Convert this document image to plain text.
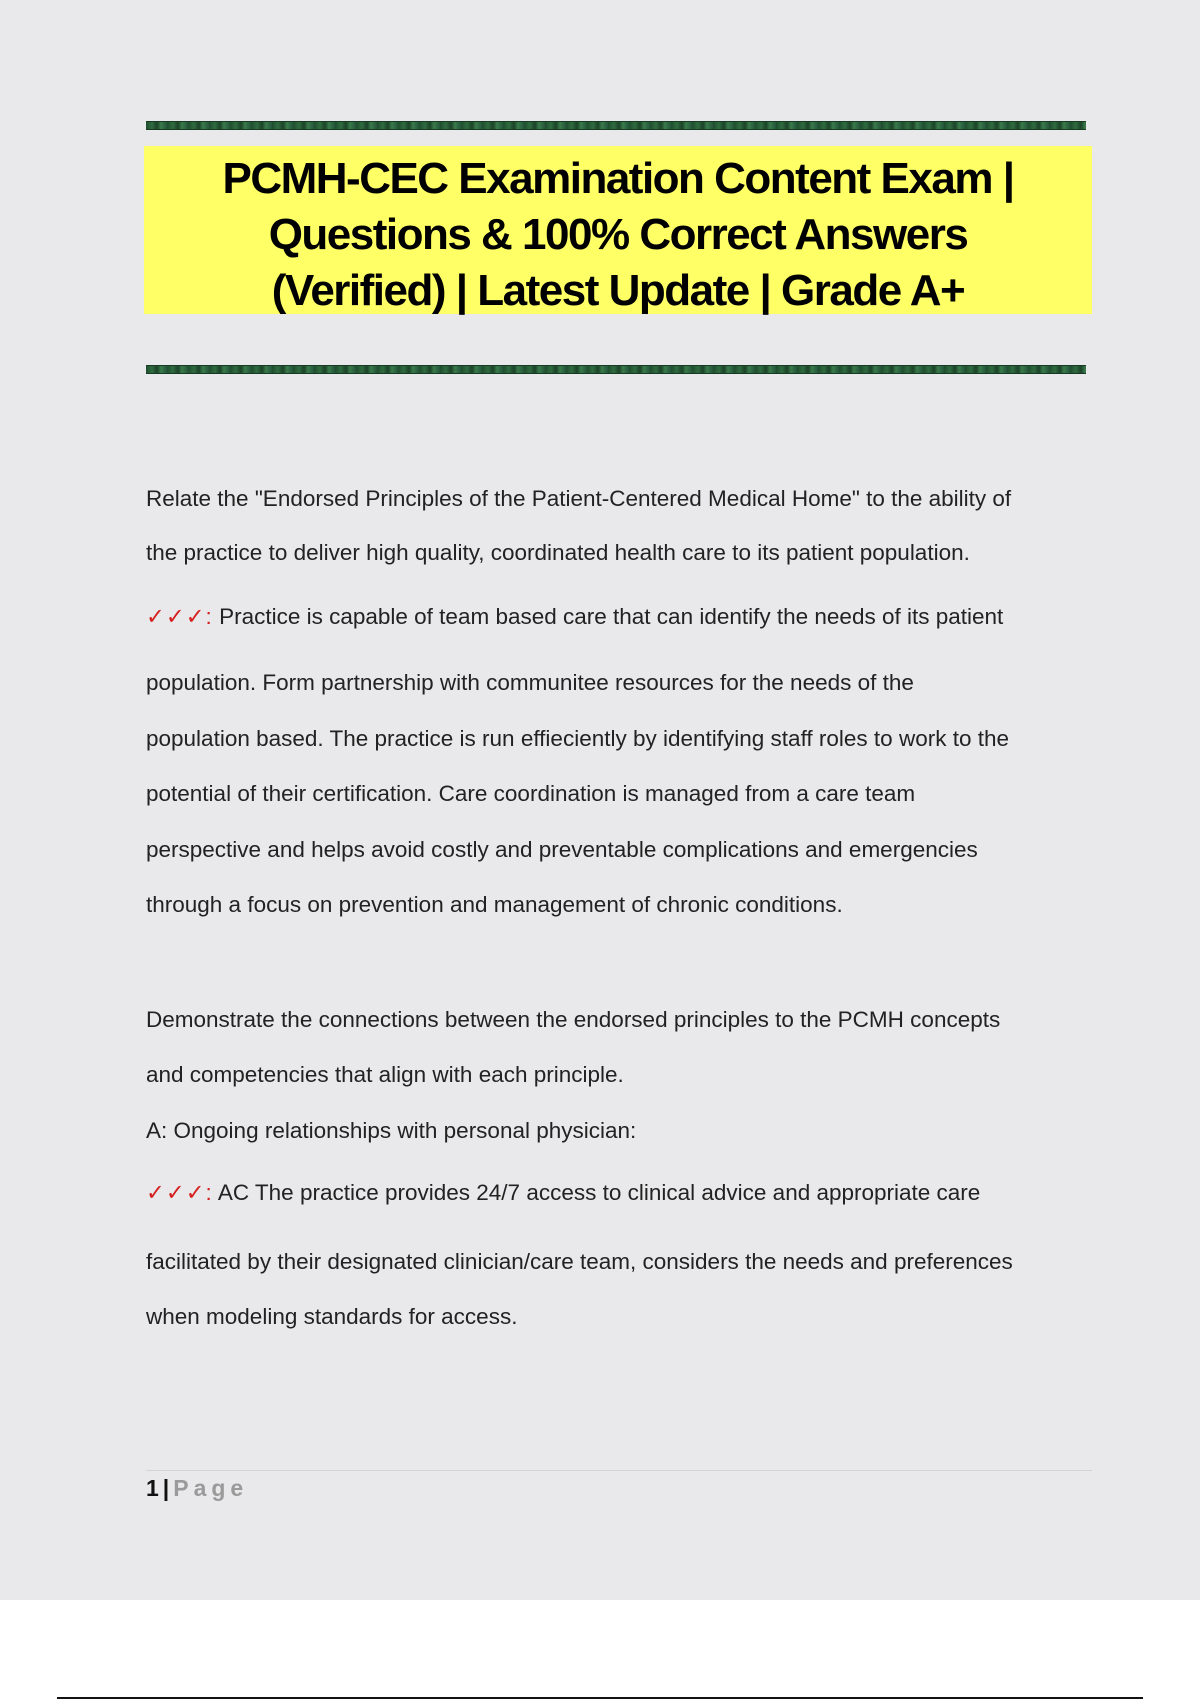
PCMH-CEC Examination Content Exam |
Questions & 100% Correct Answers
(Verified) | Latest Update | Grade A+
Relate the "Endorsed Principles of the Patient-Centered Medical Home" to the ability of
the practice to deliver high quality, coordinated health care to its patient population.
✓✓✓: Practice is capable of team based care that can identify the needs of its patient
population. Form partnership with communitee resources for the needs of the
population based. The practice is run effieciently by identifying staff roles to work to the
potential of their certification. Care coordination is managed from a care team
perspective and helps avoid costly and preventable complications and emergencies
through a focus on prevention and management of chronic conditions.
Demonstrate the connections between the endorsed principles to the PCMH concepts
and competencies that align with each principle.
A: Ongoing relationships with personal physician:
✓✓✓: AC The practice provides 24/7 access to clinical advice and appropriate care
facilitated by their designated clinician/care team, considers the needs and preferences
when modeling standards for access.
1 | Page
